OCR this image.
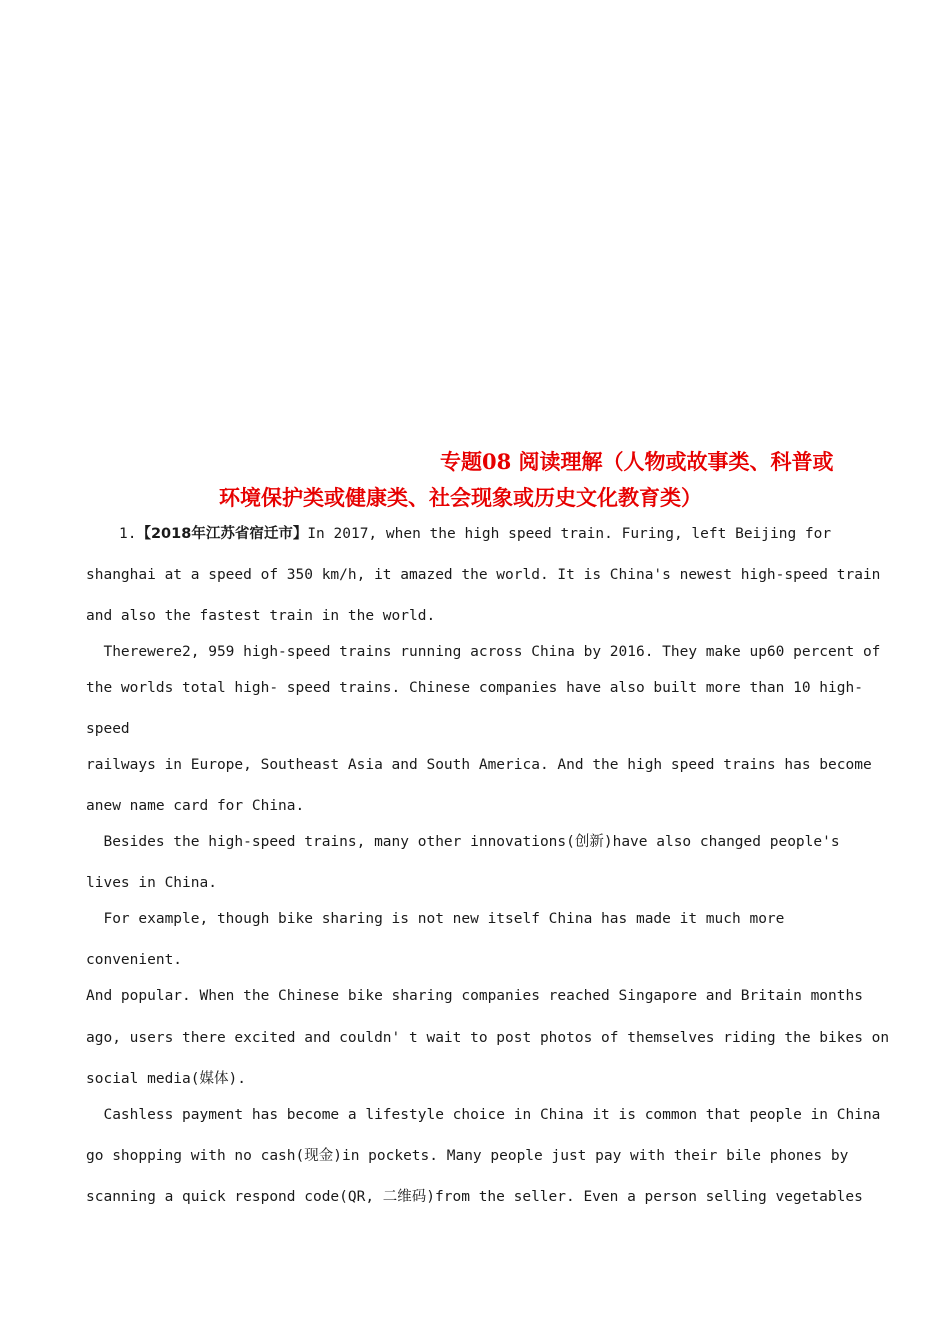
专题08 阅读理解（人物或故事类、科普或
环境保护类或健康类、社会现象或历史文化教育类）
1.【2018年江苏省宿迁市】In 2017, when the high speed train. Furing, left Beijing for
shanghai at a speed of 350 km/h, it amazed the world. It is China's newest high-speed train
and also the fastest train in the world.
Therewere2, 959 high-speed trains running across China by 2016. They make up60 percent of
the worlds total high- speed trains. Chinese companies have also built more than 10 high-
speed
railways in Europe, Southeast Asia and South America. And the high speed trains has become
anew name card for China.
Besides the high-speed trains, many other innovations(创新)have also changed people's
lives in China.
For example, though bike sharing is not new itself China has made it much more
convenient.
And popular. When the Chinese bike sharing companies reached Singapore and Britain months
ago, users there excited and couldn' t wait to post photos of themselves riding the bikes on
social media(媒体).
Cashless payment has become a lifestyle choice in China it is common that people in China
go shopping with no cash(现金)in pockets. Many people just pay with their bile phones by
scanning a quick respond code(QR, 二维码)from the seller. Even a person selling vegetables
